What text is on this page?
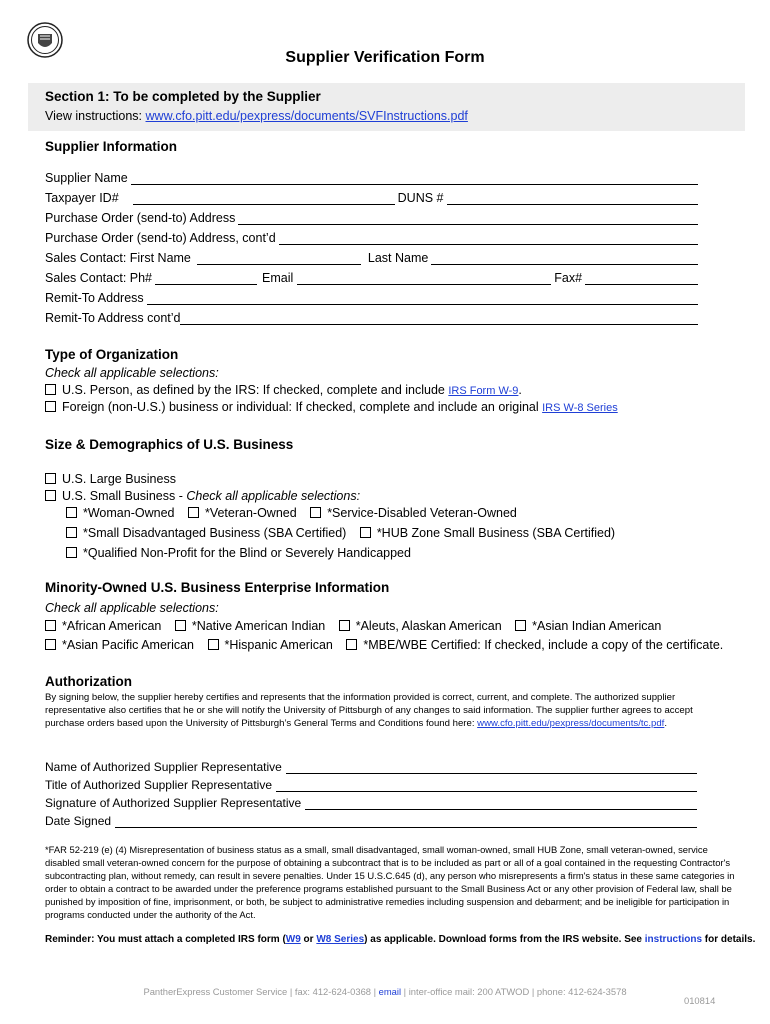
Supplier Verification Form
Section 1: To be completed by the Supplier
View instructions: www.cfo.pitt.edu/pexpress/documents/SVFInstructions.pdf
Supplier Information
Supplier Name
Taxpayer ID#	DUNS #
Purchase Order (send-to) Address
Purchase Order (send-to) Address, cont’d
Sales Contact: First Name	Last Name
Sales Contact: Ph#	Email	Fax#
Remit-To Address
Remit-To Address cont’d
Type of Organization
Check all applicable selections:
U.S. Person, as defined by the IRS: If checked, complete and include IRS Form W-9.
Foreign (non-U.S.) business or individual: If checked, complete and include an original IRS W-8 Series
Size & Demographics of U.S. Business
U.S. Large Business
U.S. Small Business - Check all applicable selections:
*Woman-Owned *Veteran-Owned *Service-Disabled Veteran-Owned
*Small Disadvantaged Business (SBA Certified) *HUB Zone Small Business (SBA Certified)
*Qualified Non-Profit for the Blind or Severely Handicapped
Minority-Owned U.S. Business Enterprise Information
Check all applicable selections:
*African American *Native American Indian *Aleuts, Alaskan American *Asian Indian American
*Asian Pacific American *Hispanic American *MBE/WBE Certified: If checked, include a copy of the certificate.
Authorization
By signing below, the supplier hereby certifies and represents that the information provided is correct, current, and complete. The authorized supplier representative also certifies that he or she will notify the University of Pittsburgh of any changes to said information. The supplier further agrees to accept purchase orders based upon the University of Pittsburgh’s General Terms and Conditions found here: www.cfo.pitt.edu/pexpress/documents/tc.pdf.
Name of Authorized Supplier Representative
Title of Authorized Supplier Representative
Signature of Authorized Supplier Representative
Date Signed
*FAR 52-219 (e) (4) Misrepresentation of business status as a small, small disadvantaged, small woman-owned, small HUB Zone, small veteran-owned, service disabled small veteran-owned concern for the purpose of obtaining a subcontract that is to be included as part or all of a goal contained in the requesting Contractor's subcontracting plan, without remedy, can result in severe penalties. Under 15 U.S.C.645 (d), any person who misrepresents a firm's status in these same categories in order to obtain a contract to be awarded under the preference programs established pursuant to the Small Business Act or any other provision of Federal law, shall be punished by imposition of fine, imprisonment, or both, be subject to administrative remedies including suspension and debarment; and be ineligible for participation in programs conducted under the authority of the Act.
Reminder: You must attach a completed IRS form (W9 or W8 Series) as applicable. Download forms from the IRS website. See instructions for details.
PantherExpress Customer Service | fax: 412-624-0368 | email | inter-office mail: 200 ATWOD | phone: 412-624-3578
010814
